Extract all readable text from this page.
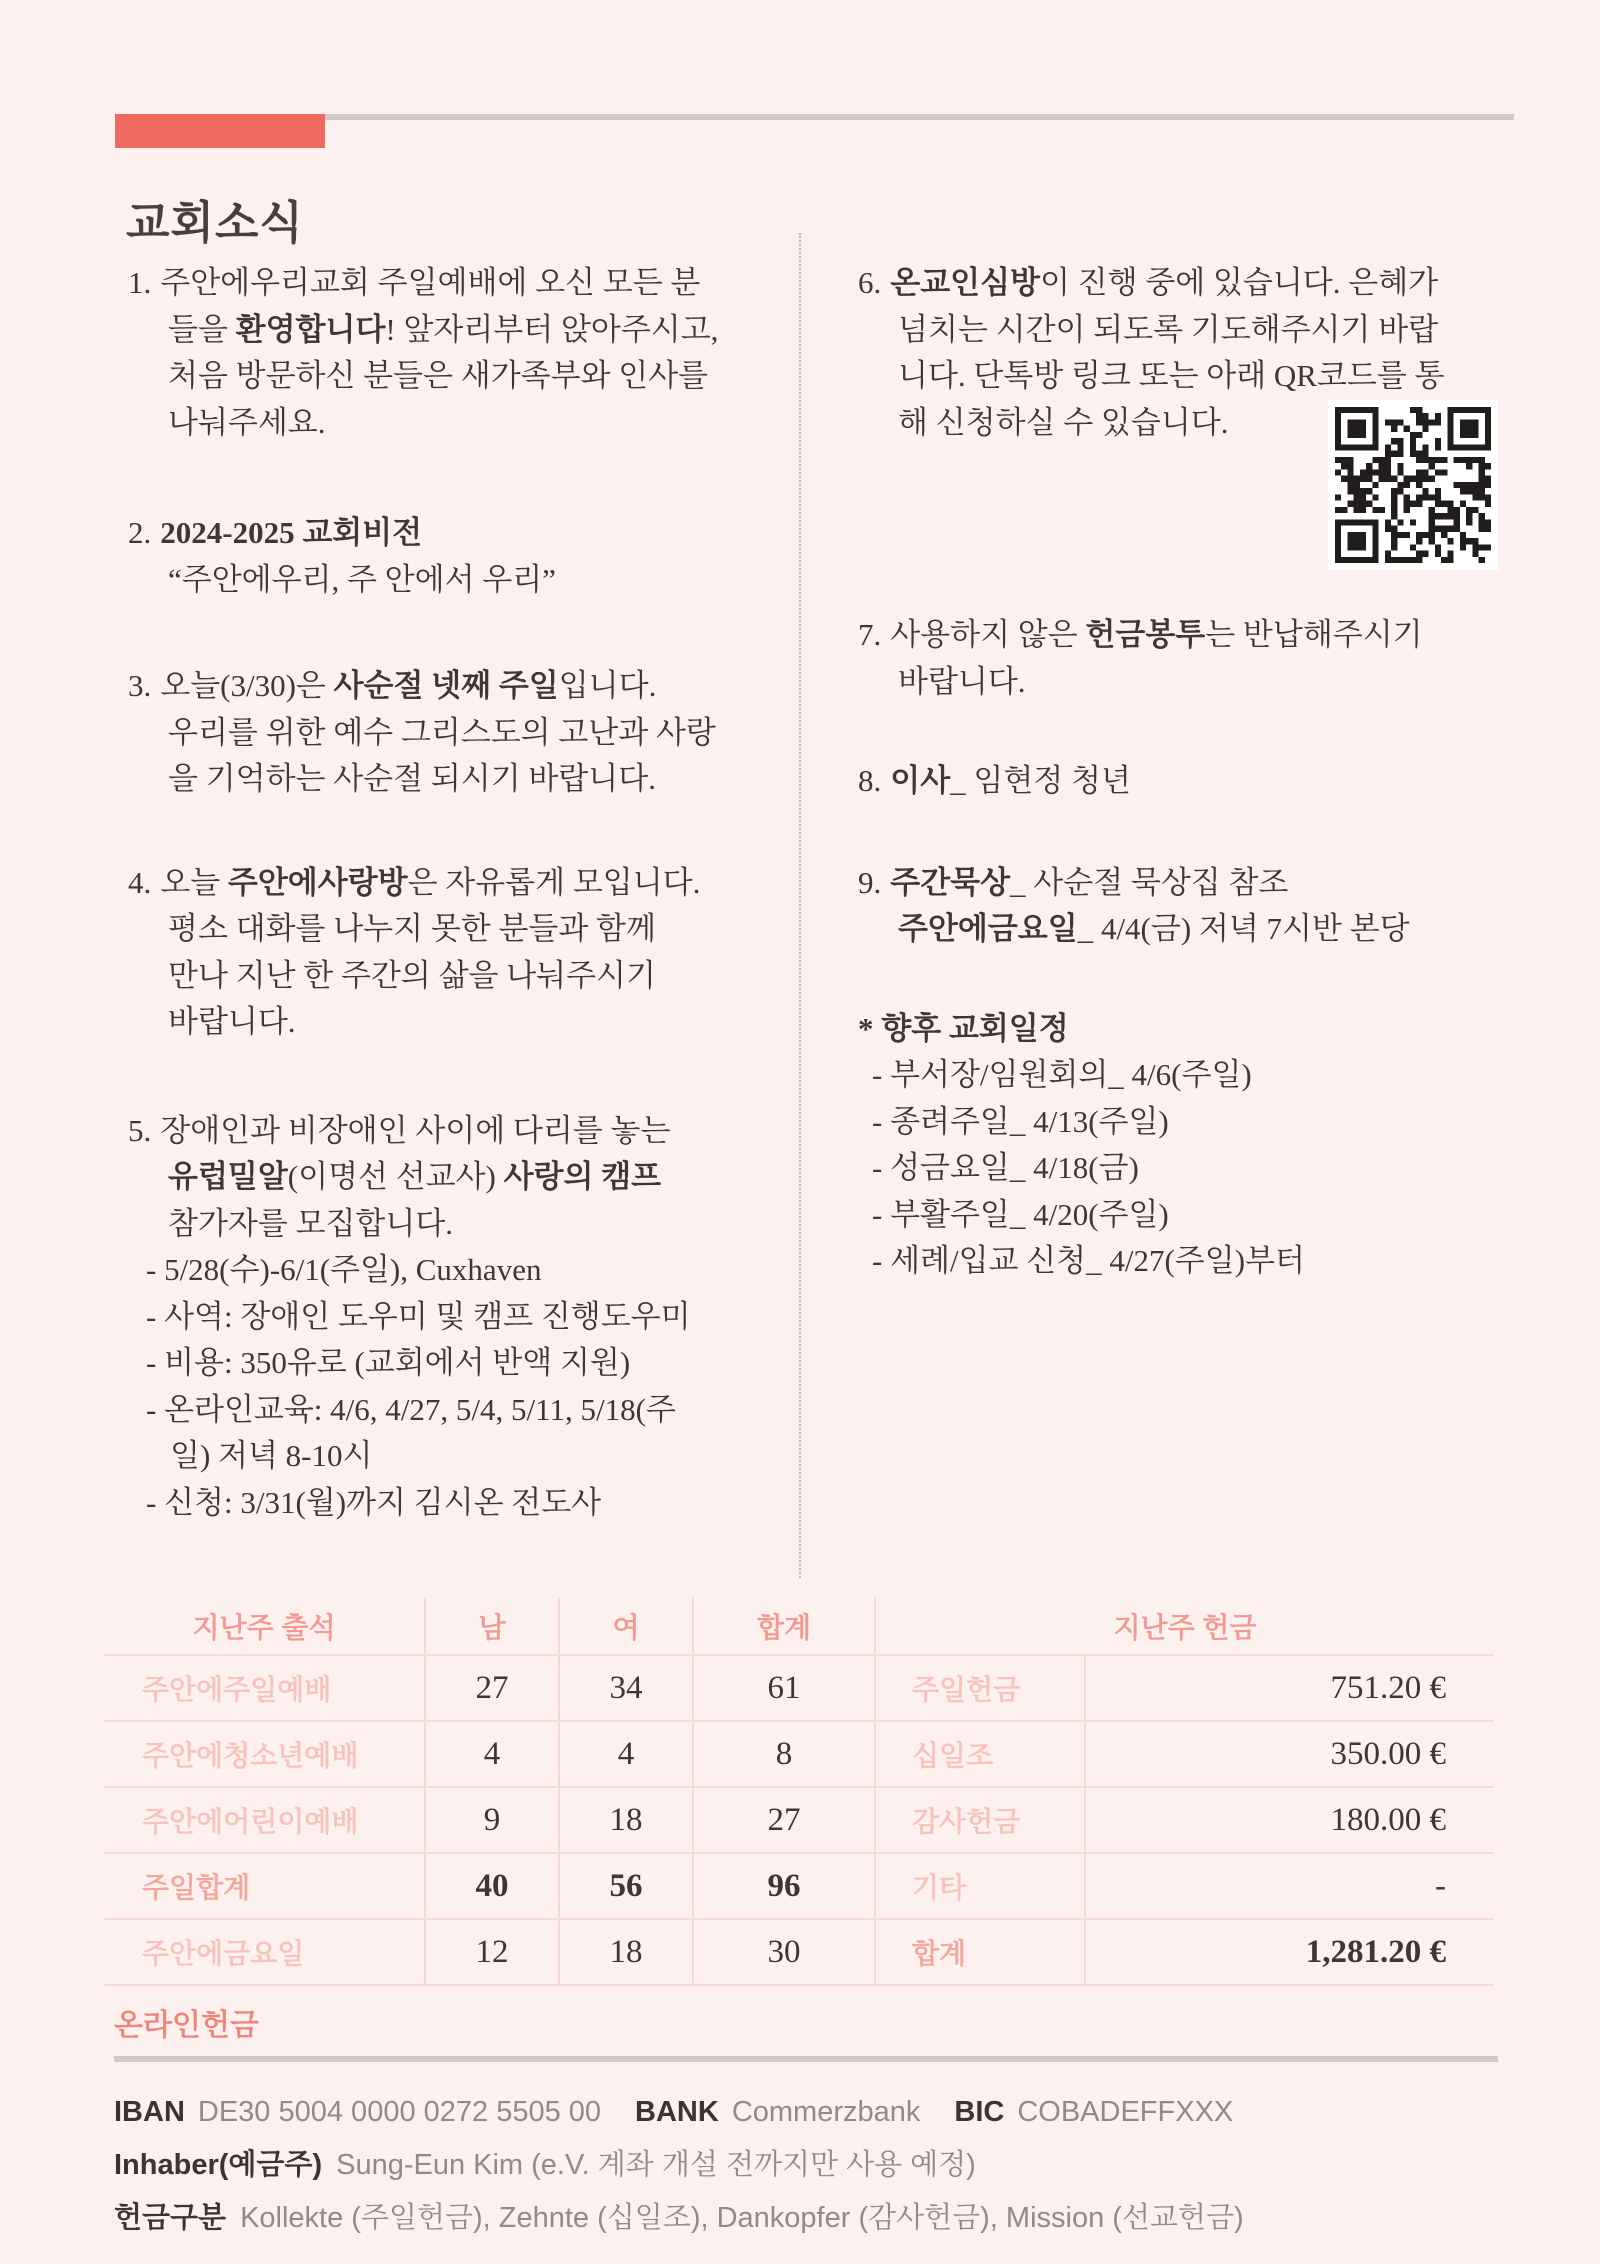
교회소식
1. 주안에우리교회 주일예배에 오신 모든 분
들을 환영합니다! 앞자리부터 앉아주시고,
처음 방문하신 분들은 새가족부와 인사를
나눠주세요.
2. 2024-2025 교회비전
“주안에우리, 주 안에서 우리”
3. 오늘(3/30)은 사순절 넷째 주일입니다.
우리를 위한 예수 그리스도의 고난과 사랑
을 기억하는 사순절 되시기 바랍니다.
4. 오늘 주안에사랑방은 자유롭게 모입니다.
평소 대화를 나누지 못한 분들과 함께
만나 지난 한 주간의 삶을 나눠주시기
바랍니다.
5. 장애인과 비장애인 사이에 다리를 놓는
유럽밀알(이명선 선교사) 사랑의 캠프
참가자를 모집합니다.
- 5/28(수)-6/1(주일), Cuxhaven
- 사역: 장애인 도우미 및 캠프 진행도우미
- 비용: 350유로 (교회에서 반액 지원)
- 온라인교육: 4/6, 4/27, 5/4, 5/11, 5/18(주
일) 저녁 8-10시
- 신청: 3/31(월)까지 김시온 전도사
6. 온교인심방이 진행 중에 있습니다. 은혜가
넘치는 시간이 되도록 기도해주시기 바랍
니다. 단톡방 링크 또는 아래 QR코드를 통
해 신청하실 수 있습니다.
7. 사용하지 않은 헌금봉투는 반납해주시기
바랍니다.
8. 이사_ 임현정 청년
9. 주간묵상_ 사순절 묵상집 참조
주안에금요일_ 4/4(금) 저녁 7시반 본당
* 향후 교회일정
- 부서장/임원회의_ 4/6(주일)
- 종려주일_ 4/13(주일)
- 성금요일_ 4/18(금)
- 부활주일_ 4/20(주일)
- 세례/입교 신청_ 4/27(주일)부터
지난주 출석	남	여	합계	지난주 헌금
주안에주일예배	27	34	61	주일헌금	751.20 €
주안에청소년예배	4	4	8	십일조	350.00 €
주안에어린이예배	9	18	27	감사헌금	180.00 €
주일합계	40	56	96	기타	-
주안에금요일	12	18	30	합계	1,281.20 €
온라인헌금
IBAN DE30 5004 0000 0272 5505 00 BANK Commerzbank BIC COBADEFFXXX
Inhaber(예금주) Sung-Eun Kim (e.V. 계좌 개설 전까지만 사용 예정)
헌금구분 Kollekte (주일헌금), Zehnte (십일조), Dankopfer (감사헌금), Mission (선교헌금)
